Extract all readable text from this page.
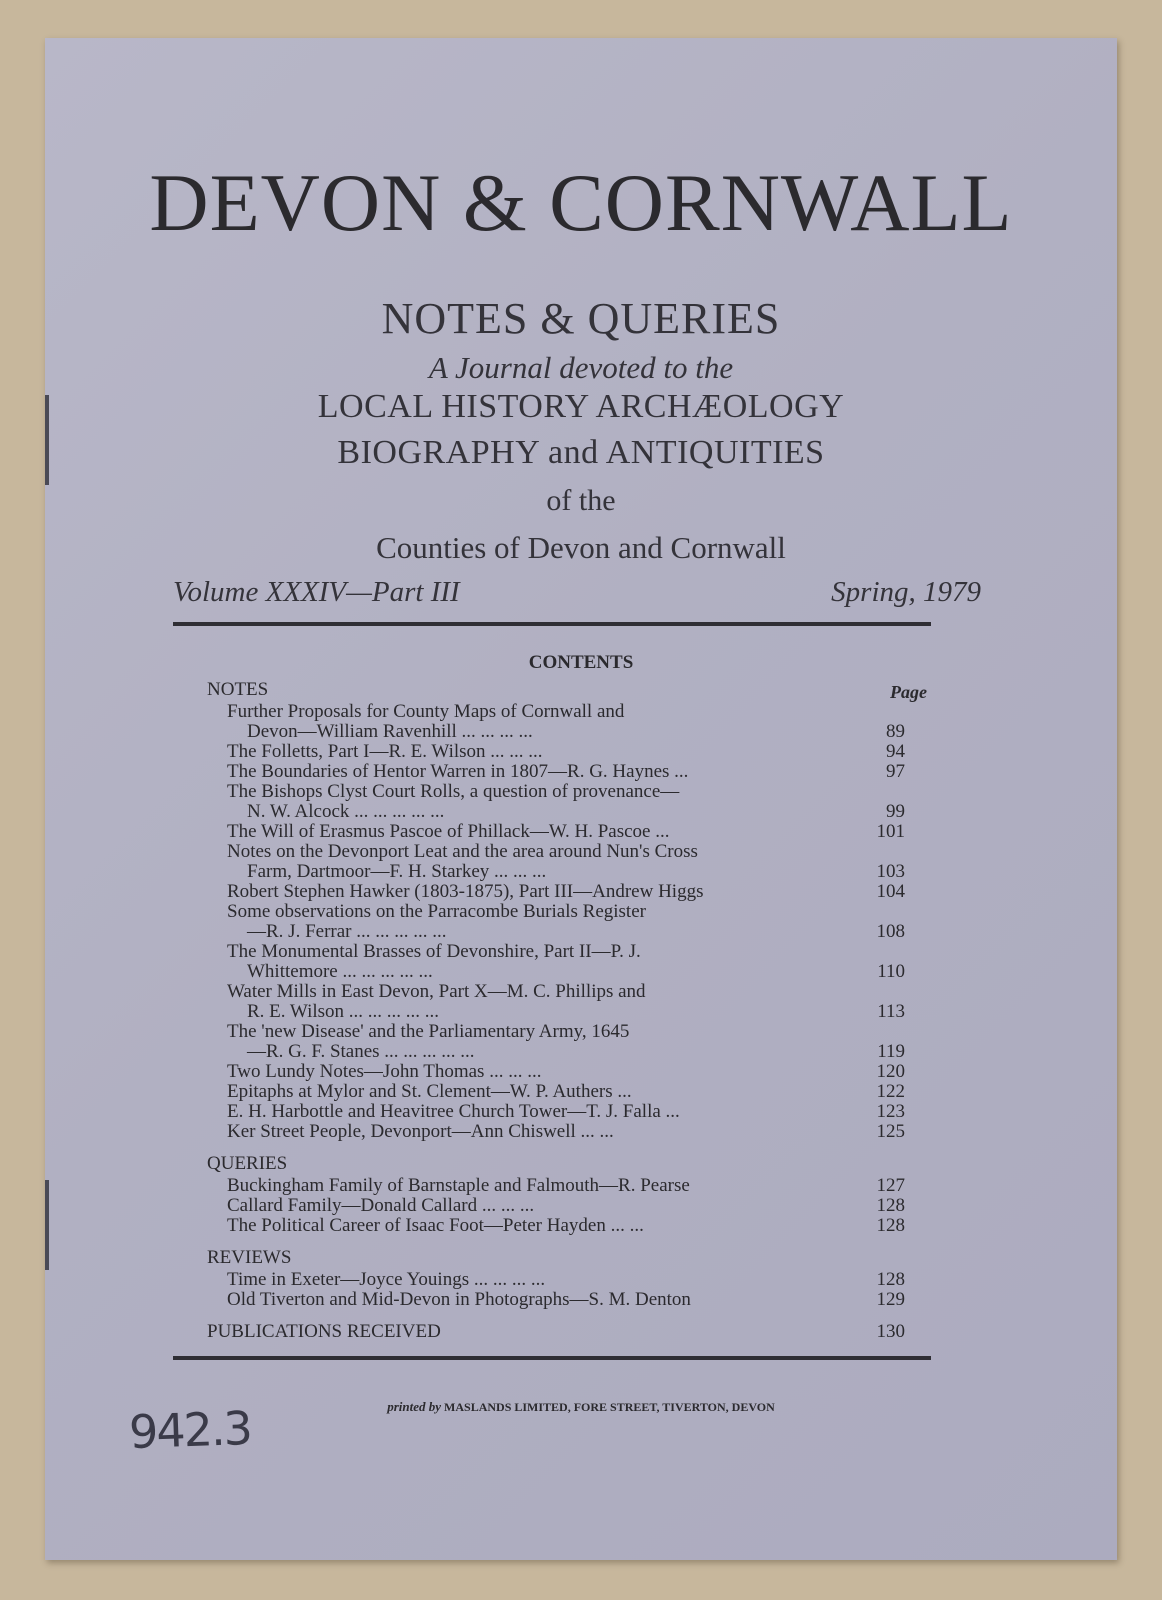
DEVON & CORNWALL
NOTES & QUERIES
A Journal devoted to the
LOCAL HISTORY ARCHÆOLOGY
BIOGRAPHY and ANTIQUITIES
of the
Counties of Devon and Cornwall
Volume XXXIV—Part III	Spring, 1979
CONTENTS
NOTES	Page
Further Proposals for County Maps of Cornwall and
Devon—William Ravenhill ... ... ... ...	89
The Folletts, Part I—R. E. Wilson ... ... ...	94
The Boundaries of Hentor Warren in 1807—R. G. Haynes ...	97
The Bishops Clyst Court Rolls, a question of provenance—
N. W. Alcock ... ... ... ... ...	99
The Will of Erasmus Pascoe of Phillack—W. H. Pascoe ...	101
Notes on the Devonport Leat and the area around Nun's Cross
Farm, Dartmoor—F. H. Starkey ... ... ...	103
Robert Stephen Hawker (1803-1875), Part III—Andrew Higgs	104
Some observations on the Parracombe Burials Register
—R. J. Ferrar ... ... ... ... ...	108
The Monumental Brasses of Devonshire, Part II—P. J.
Whittemore ... ... ... ... ...	110
Water Mills in East Devon, Part X—M. C. Phillips and
R. E. Wilson ... ... ... ... ...	113
The 'new Disease' and the Parliamentary Army, 1645
—R. G. F. Stanes ... ... ... ... ...	119
Two Lundy Notes—John Thomas ... ... ...	120
Epitaphs at Mylor and St. Clement—W. P. Authers ...	122
E. H. Harbottle and Heavitree Church Tower—T. J. Falla ...	123
Ker Street People, Devonport—Ann Chiswell ... ...	125
QUERIES
Buckingham Family of Barnstaple and Falmouth—R. Pearse	127
Callard Family—Donald Callard ... ... ...	128
The Political Career of Isaac Foot—Peter Hayden ... ...	128
REVIEWS
Time in Exeter—Joyce Youings ... ... ... ...	128
Old Tiverton and Mid-Devon in Photographs—S. M. Denton	129
PUBLICATIONS RECEIVED	130
printed by MASLANDS LIMITED, FORE STREET, TIVERTON, DEVON
942.3
